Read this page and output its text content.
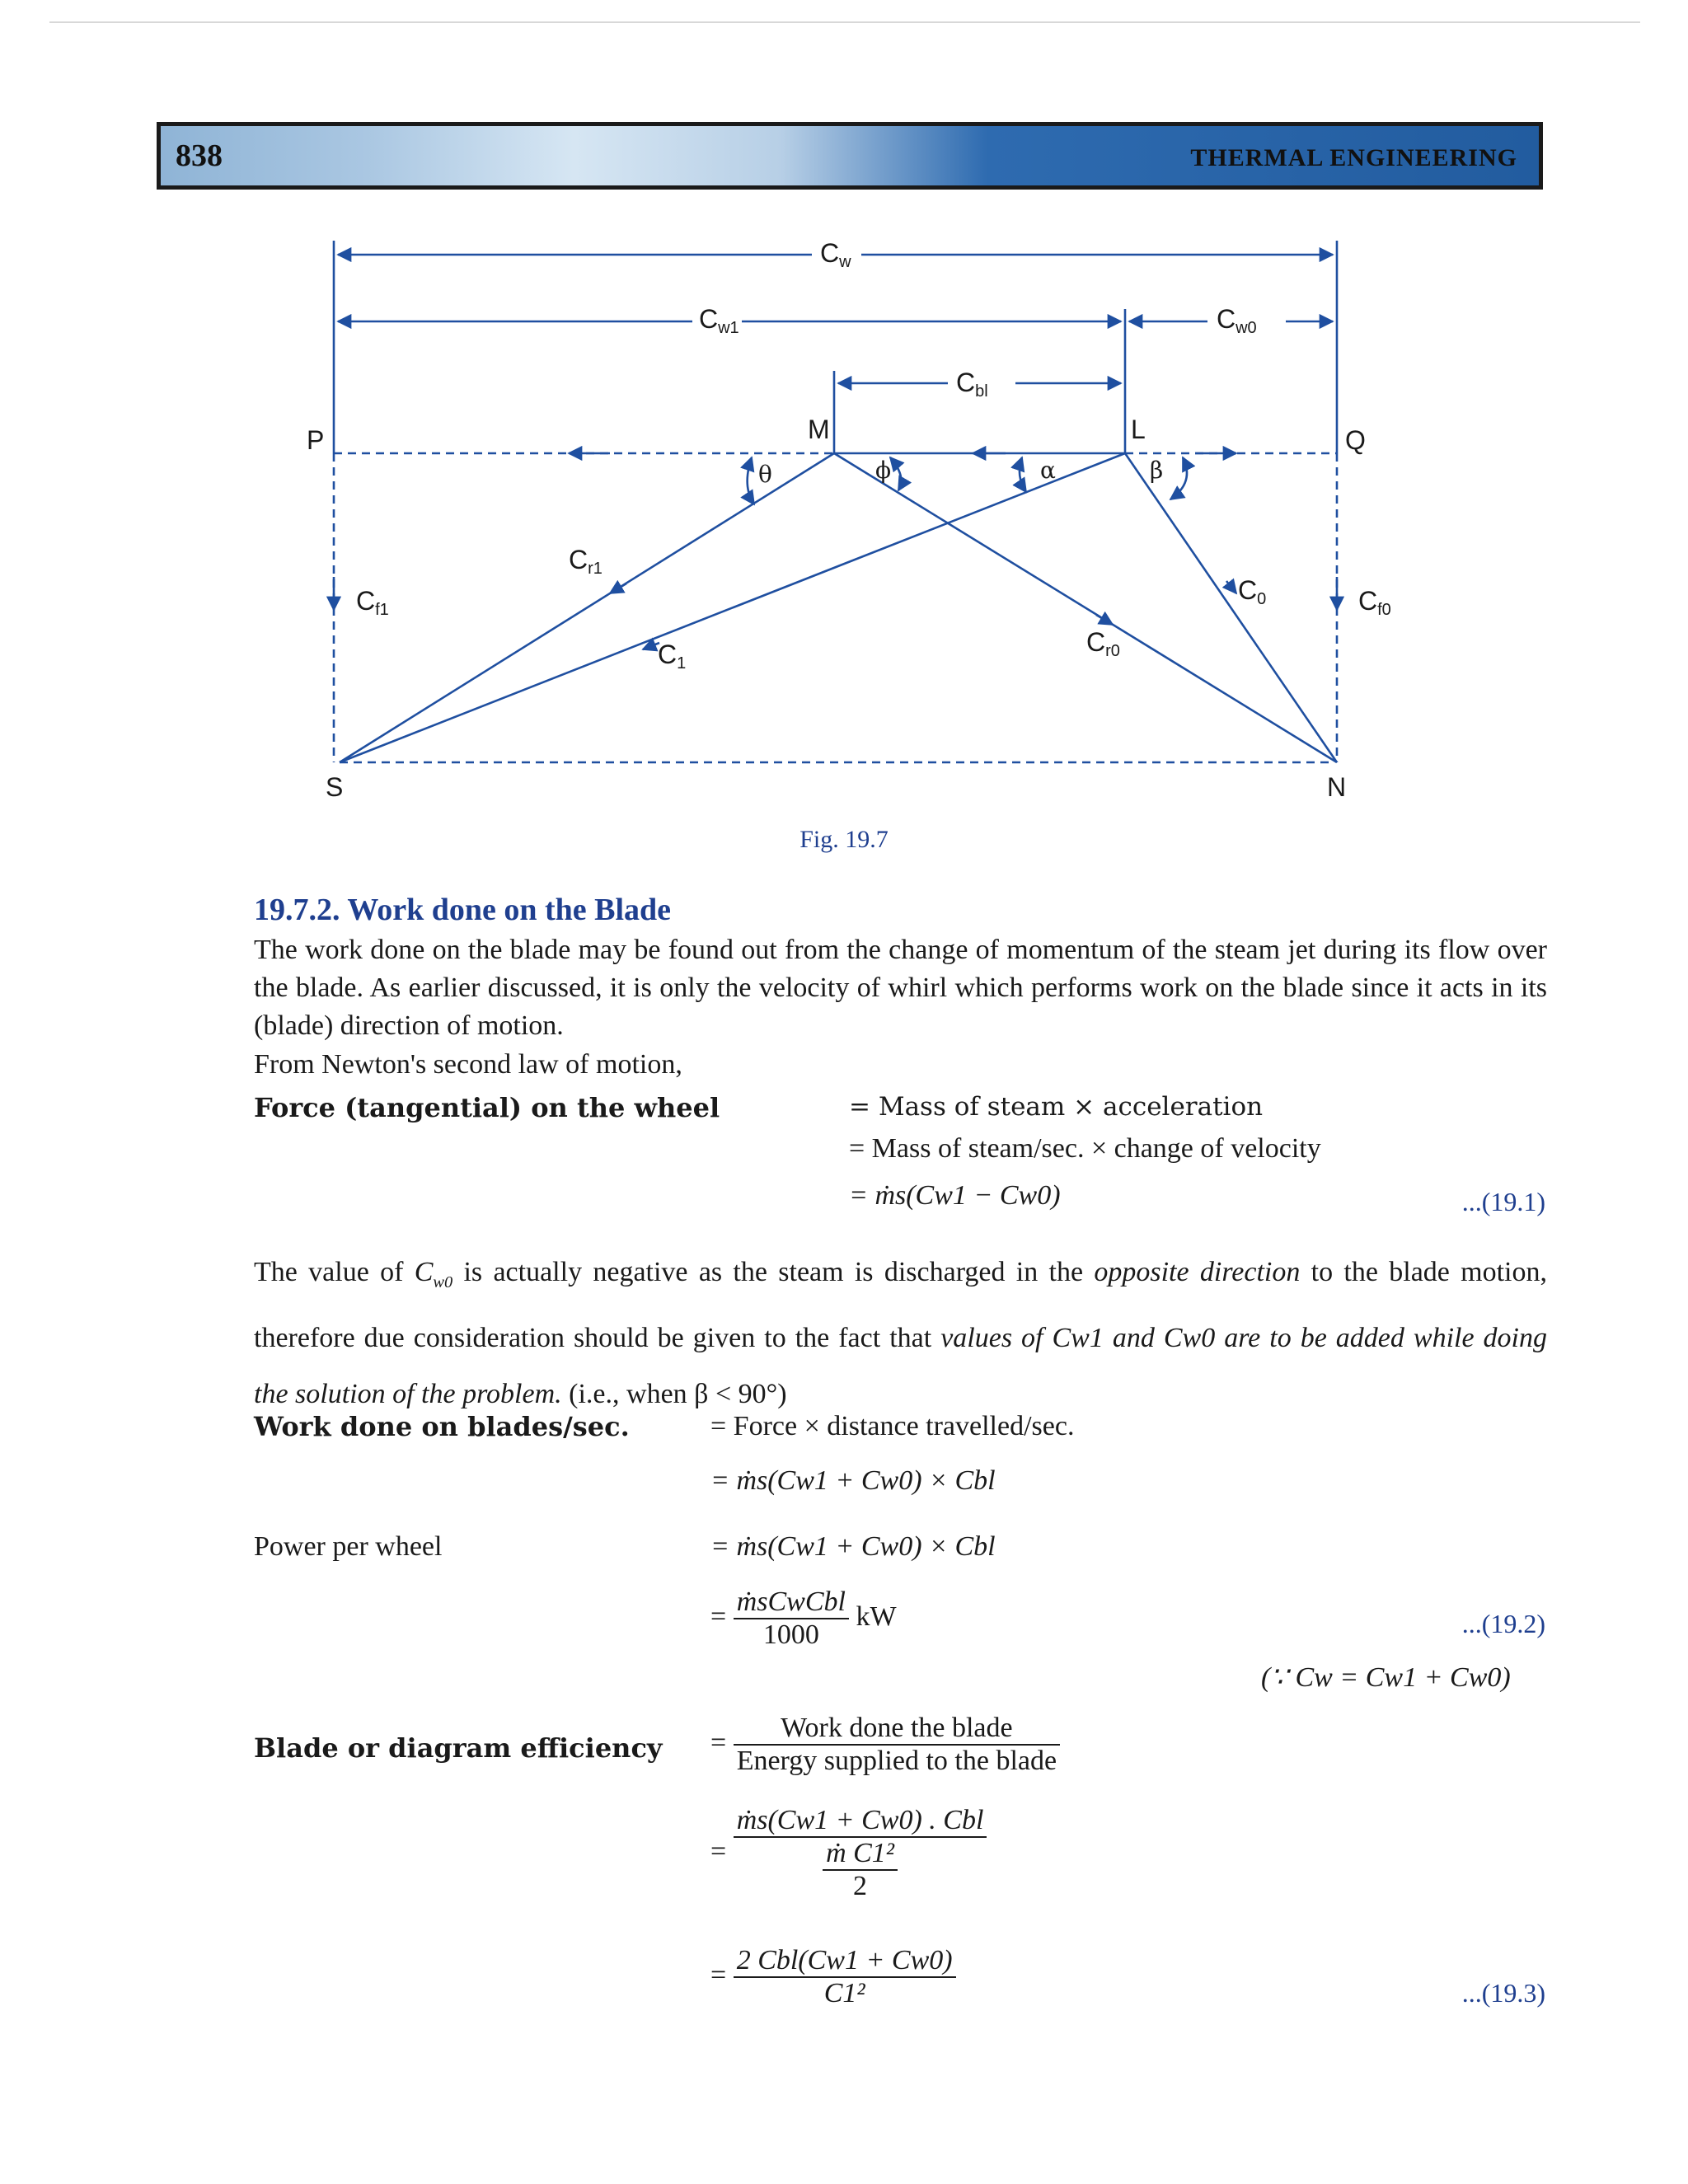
838	THERMAL ENGINEERING
Cw
Cw1	Cw0
Cbl
P	Q
M	L
S	N
θ	ϕ	α	β
Cr1
C1
Cf1
Cr0
C0	Cf0
Fig. 19.7
19.7.2. Work done on the Blade
The work done on the blade may be found out from the change of momentum of the steam jet during its flow over the blade. As earlier discussed, it is only the velocity of whirl which performs work on the blade since it acts in its (blade) direction of motion.
From Newton's second law of motion,
Force (tangential) on the wheel	= Mass of steam × acceleration
= Mass of steam/sec. × change of velocity
= ṁs(Cw1 − Cw0)	...(19.1)
The value of $C_{w0}$ is actually negative as the steam is discharged in the opposite direction to the blade motion, therefore due consideration should be given to the fact that values of Cw1 and Cw0 are to be added while doing the solution of the problem. (i.e., when β < 90°)
Work done on blades/sec.	= Force × distance travelled/sec.
= ṁs(Cw1 + Cw0) × Cbl
Power per wheel	= ṁs(Cw1 + Cw0) × Cbl
= $\frac{\text{ṁsCwCbl}}{1000}$ kW	...(19.2)
(∵ Cw = Cw1 + Cw0)
Blade or diagram efficiency = $\frac{\text{Work done the blade}}{\text{Energy supplied to the blade}}$
= $\frac{\text{ṁs(Cw1 + Cw0) . Cbl}}{\frac{\text{ṁ C1²}}{2}}$
= $\frac{\text{2 Cbl(Cw1 + Cw0)}}{\text{C1²}}$	...(19.3)
